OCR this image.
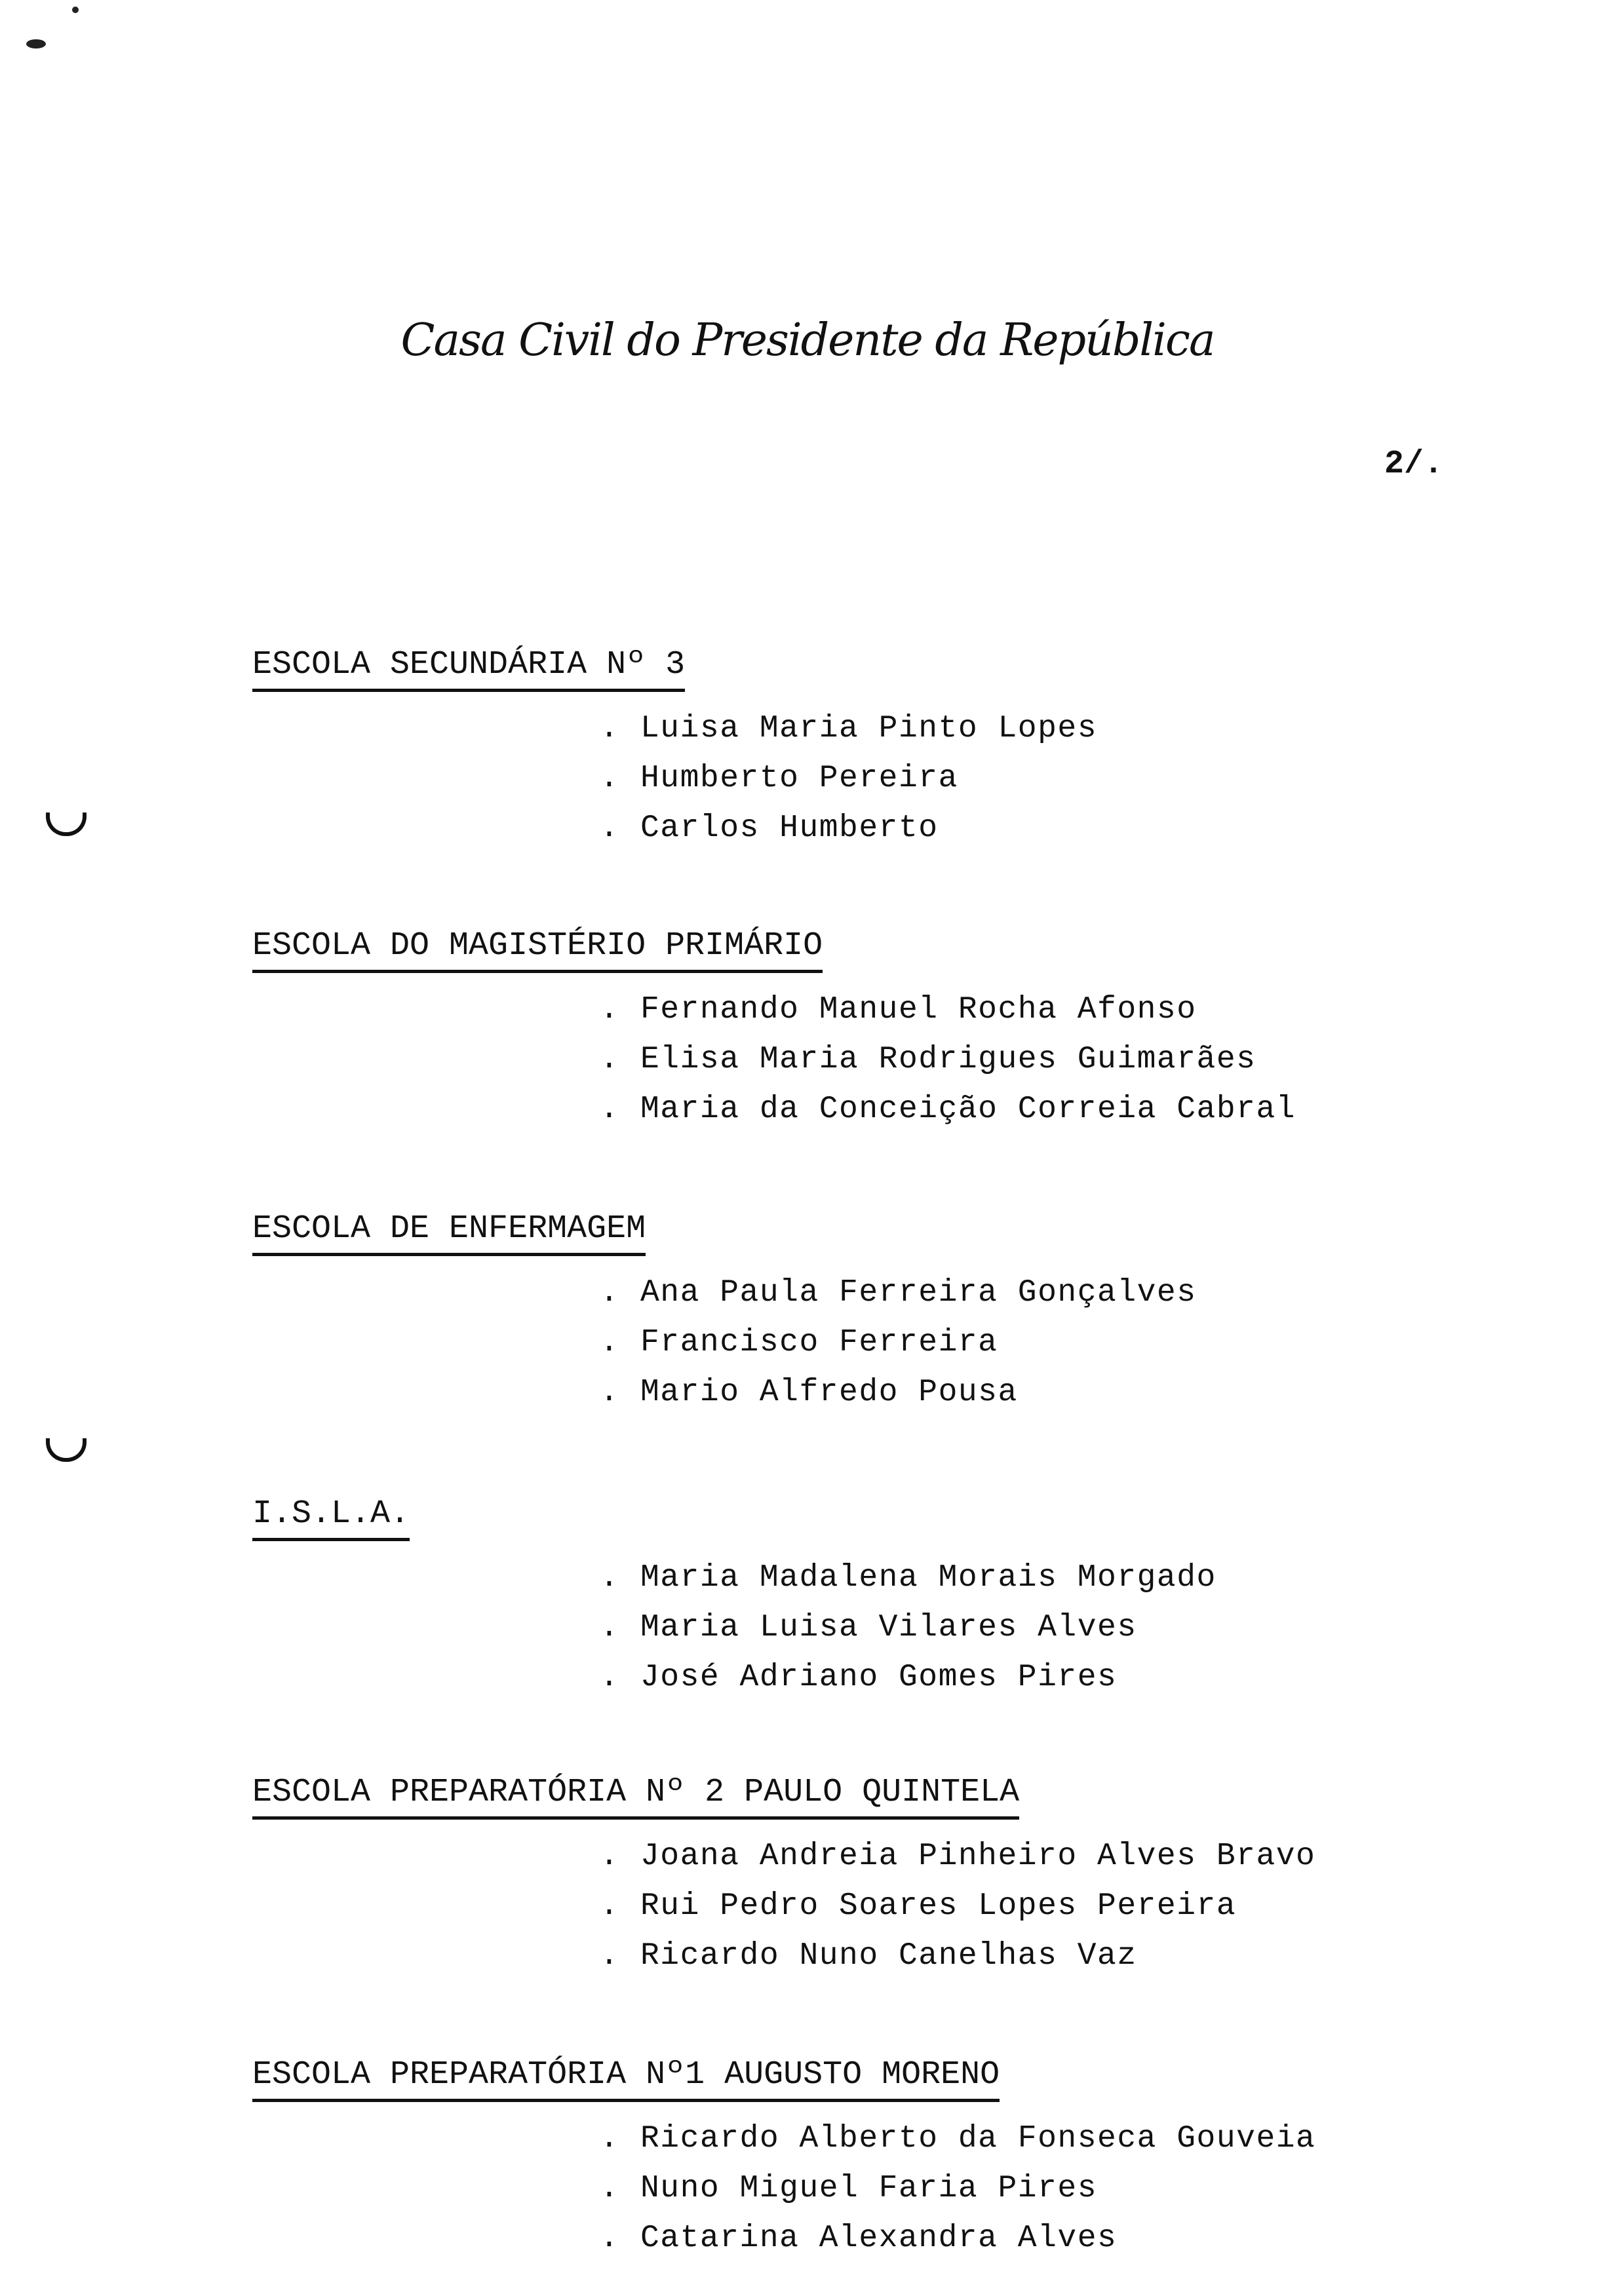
Casa Civil do Presidente da República
2/.
ESCOLA SECUNDÁRIA Nº 3
. Luisa Maria Pinto Lopes
. Humberto Pereira
. Carlos Humberto
ESCOLA DO MAGISTÉRIO PRIMÁRIO
. Fernando Manuel Rocha Afonso
. Elisa Maria Rodrigues Guimarães
. Maria da Conceição Correia Cabral
ESCOLA DE ENFERMAGEM
. Ana Paula Ferreira Gonçalves
. Francisco Ferreira
. Mario Alfredo Pousa
I.S.L.A.
. Maria Madalena Morais Morgado
. Maria Luisa Vilares Alves
. José Adriano Gomes Pires
ESCOLA PREPARATÓRIA Nº 2 PAULO QUINTELA
. Joana Andreia Pinheiro Alves Bravo
. Rui Pedro Soares Lopes Pereira
. Ricardo Nuno Canelhas Vaz
ESCOLA PREPARATÓRIA Nº1 AUGUSTO MORENO
. Ricardo Alberto da Fonseca Gouveia
. Nuno Miguel Faria Pires
. Catarina Alexandra Alves
